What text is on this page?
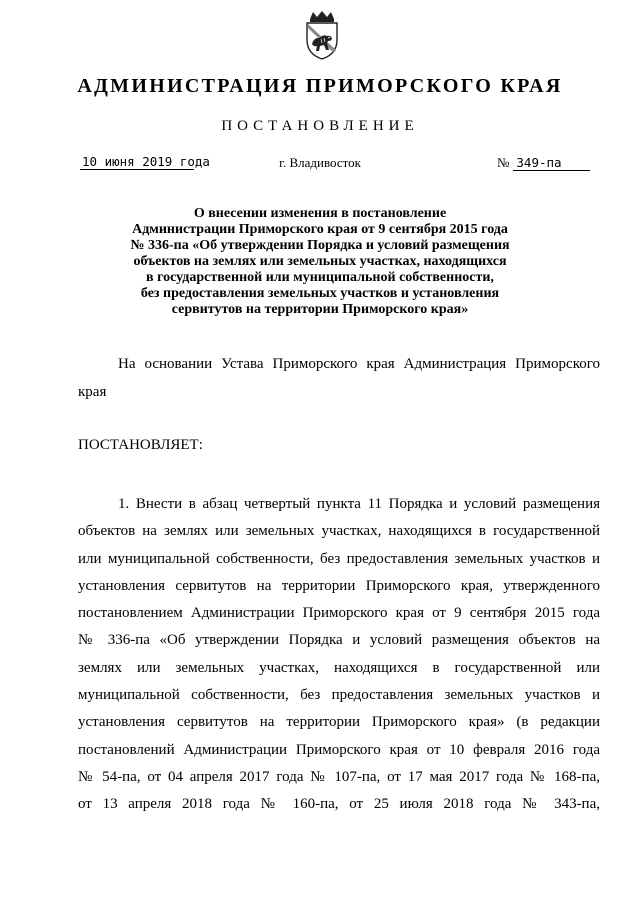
АДМИНИСТРАЦИЯ ПРИМОРСКОГО КРАЯ
ПОСТАНОВЛЕНИЕ
10 июня 2019 года	г. Владивосток	№ 349-па
О внесении изменения в постановление
Администрации Приморского края от 9 сентября 2015 года
№ 336-па «Об утверждении Порядка и условий размещения
объектов на землях или земельных участках, находящихся
в государственной или муниципальной собственности,
без предоставления земельных участков и установления
сервитутов на территории Приморского края»
На основании Устава Приморского края Администрация Приморского
края
ПОСТАНОВЛЯЕТ:
1. Внести в абзац четвертый пункта 11 Порядка и условий размещения
объектов на землях или земельных участках, находящихся в государственной
или муниципальной собственности, без предоставления земельных участков и
установления сервитутов на территории Приморского края, утвержденного
постановлением Администрации Приморского края от 9 сентября 2015 года
№ 336-па «Об утверждении Порядка и условий размещения объектов на
землях или земельных участках, находящихся в государственной или
муниципальной собственности, без предоставления земельных участков и
установления сервитутов на территории Приморского края» (в редакции
постановлений Администрации Приморского края от 10 февраля 2016 года
№ 54-па, от 04 апреля 2017 года № 107-па, от 17 мая 2017 года № 168-па,
от 13 апреля 2018 года № 160-па, от 25 июля 2018 года № 343-па,
